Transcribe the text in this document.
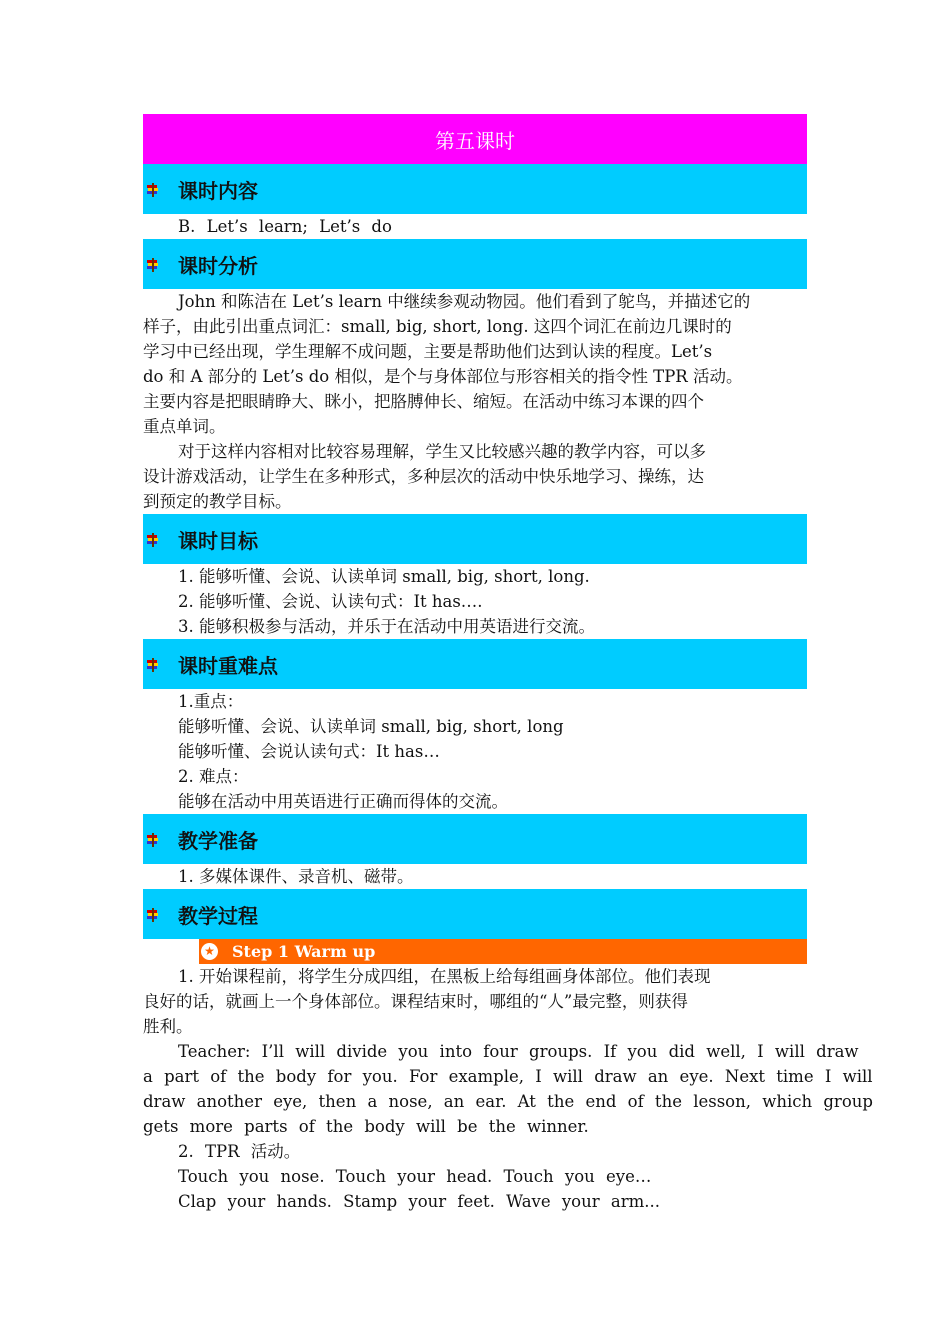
第五课时
课时内容
B. Let’s learn; Let’s do
课时分析
John 和陈洁在 Let’s learn 中继续参观动物园。他们看到了鸵鸟，并描述它的
样子，由此引出重点词汇：small, big, short, long. 这四个词汇在前边几课时的
学习中已经出现，学生理解不成问题，主要是帮助他们达到认读的程度。Let’s
do 和 A 部分的 Let’s do 相似，是个与身体部位与形容相关的指令性 TPR 活动。
主要内容是把眼睛睁大、眯小，把胳膊伸长、缩短。在活动中练习本课的四个
重点单词。
对于这样内容相对比较容易理解，学生又比较感兴趣的教学内容，可以多
设计游戏活动，让学生在多种形式，多种层次的活动中快乐地学习、操练，达
到预定的教学目标。
课时目标
1. 能够听懂、会说、认读单词 small, big, short, long.
2. 能够听懂、会说、认读句式：It has….
3. 能够积极参与活动，并乐于在活动中用英语进行交流。
课时重难点
1.重点：
能够听懂、会说、认读单词 small, big, short, long
能够听懂、会说认读句式：It has…
2. 难点：
能够在活动中用英语进行正确而得体的交流。
教学准备
1. 多媒体课件、录音机、磁带。
教学过程
★ Step 1 Warm up
1. 开始课程前，将学生分成四组，在黑板上给每组画身体部位。他们表现
良好的话，就画上一个身体部位。课程结束时，哪组的“人”最完整，则获得
胜利。
Teacher: I’ll will divide you into four groups. If you did well, I will draw
a part of the body for you. For example, I will draw an eye. Next time I will
draw another eye, then a nose, an ear. At the end of the lesson, which group
gets more parts of the body will be the winner.
2. TPR 活动。
Touch you nose. Touch your head. Touch you eye…
Clap your hands. Stamp your feet. Wave your arm...
